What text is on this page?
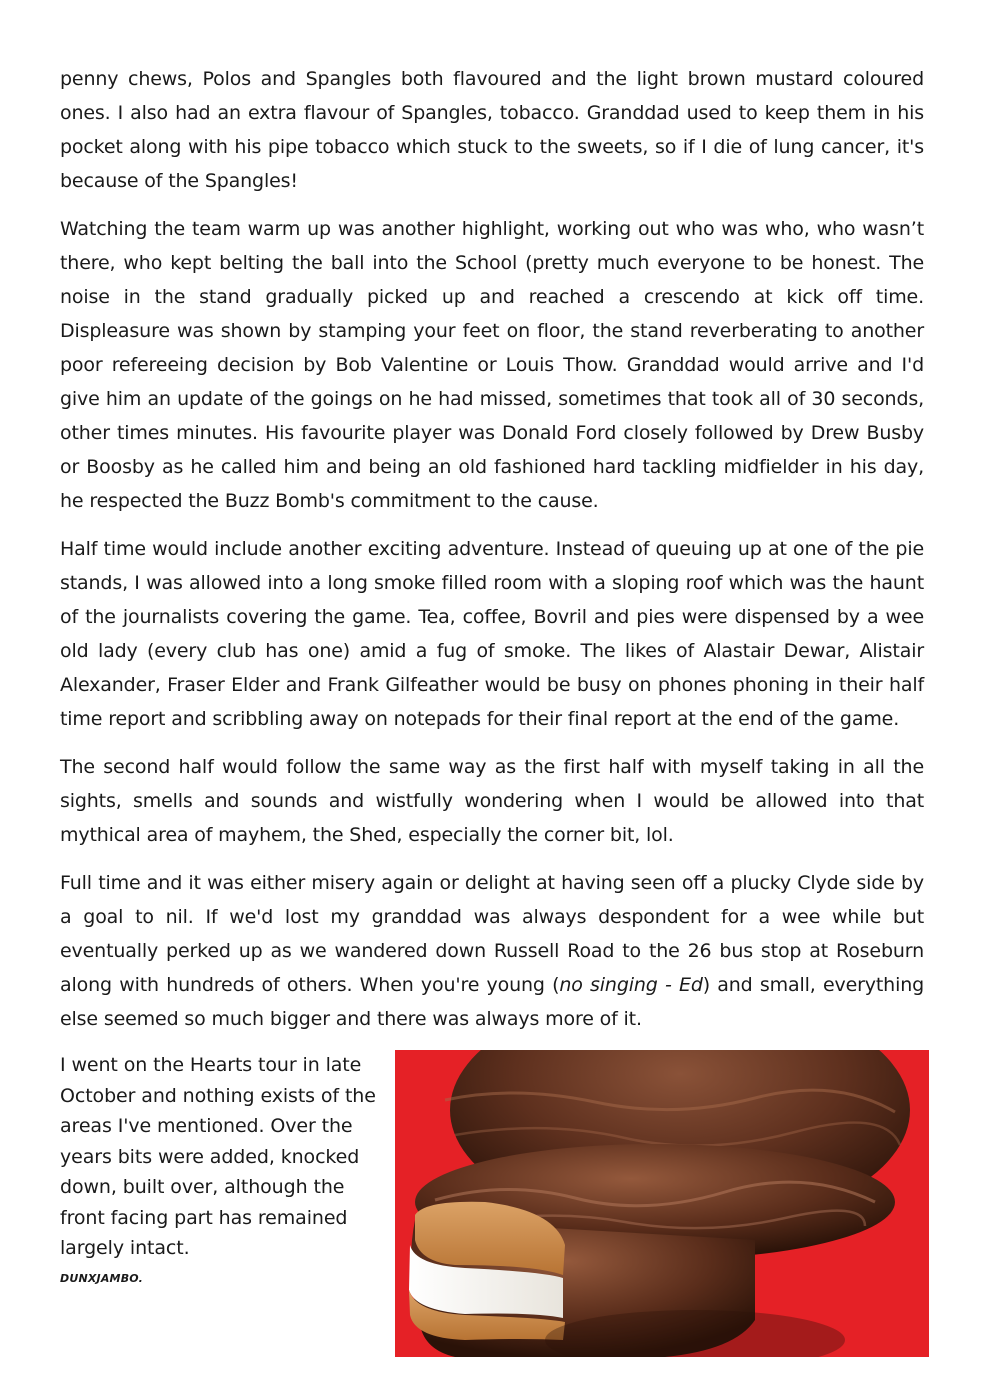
penny chews, Polos and Spangles both flavoured and the light brown mustard coloured ones. I also had an extra flavour of Spangles, tobacco. Granddad used to keep them in his pocket along with his pipe tobacco which stuck to the sweets, so if I die of lung cancer, it's because of the Spangles!

Watching the team warm up was another highlight, working out who was who, who wasn’t there, who kept belting the ball into the School (pretty much everyone to be honest. The noise in the stand gradually picked up and reached a crescendo at kick off time. Displeasure was shown by stamping your feet on floor, the stand reverberating to another poor refereeing decision by Bob Valentine or Louis Thow. Granddad would arrive and I'd give him an update of the goings on he had missed, sometimes that took all of 30 seconds, other times minutes. His favourite player was Donald Ford closely followed by Drew Busby or Boosby as he called him and being an old fashioned hard tackling midfielder in his day, he respected the Buzz Bomb's commitment to the cause.

Half time would include another exciting adventure. Instead of queuing up at one of the pie stands, I was allowed into a long smoke filled room with a sloping roof which was the haunt of the journalists covering the game. Tea, coffee, Bovril and pies were dispensed by a wee old lady (every club has one) amid a fug of smoke. The likes of Alastair Dewar, Alistair Alexander, Fraser Elder and Frank Gilfeather would be busy on phones phoning in their half time report and scribbling away on notepads for their final report at the end of the game.

The second half would follow the same way as the first half with myself taking in all the sights, smells and sounds and wistfully wondering when I would be allowed into that mythical area of mayhem, the Shed, especially the corner bit, lol.

Full time and it was either misery again or delight at having seen off a plucky Clyde side by a goal to nil. If we'd lost my granddad was always despondent for a wee while but eventually perked up as we wandered down Russell Road to the 26 bus stop at Roseburn along with hundreds of others. When you're young (no singing - Ed) and small, everything else seemed so much bigger and there was always more of it.

I went on the Hearts tour in late October and nothing exists of the areas I've mentioned. Over the years bits were added, knocked down, built over, although the front facing part has remained largely intact.

DUNXJAMBO.
